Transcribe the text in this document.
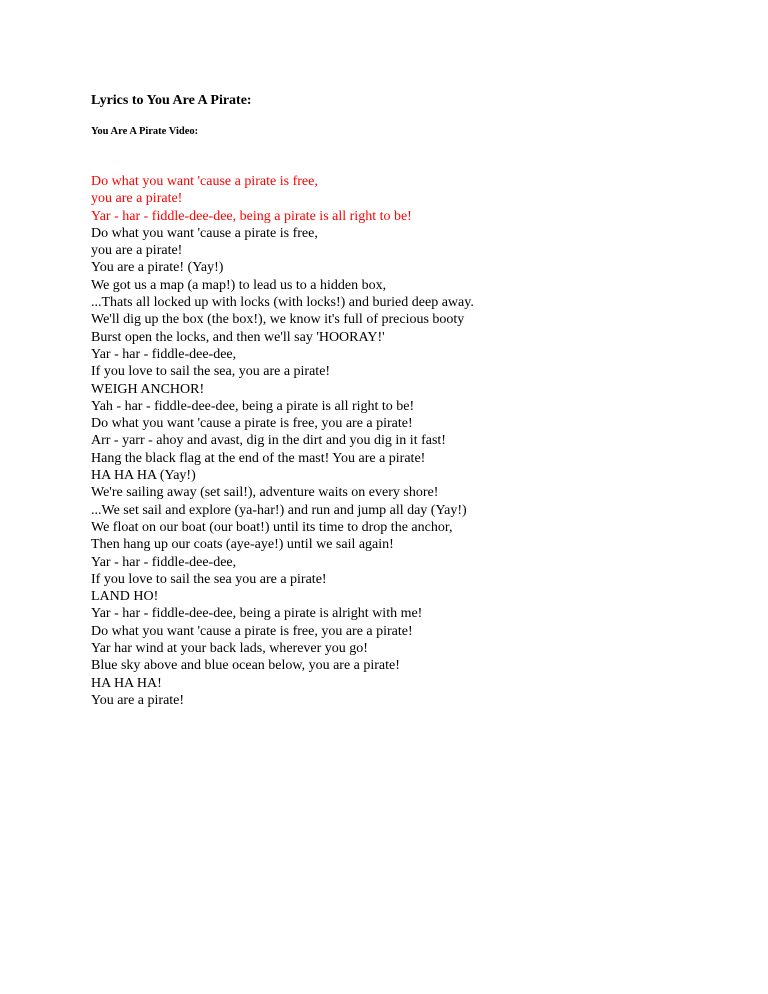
Lyrics to You Are A Pirate:
You Are A Pirate Video:
Do what you want 'cause a pirate is free,
you are a pirate!
Yar - har - fiddle-dee-dee, being a pirate is all right to be!
Do what you want 'cause a pirate is free,
you are a pirate!
You are a pirate! (Yay!)
We got us a map (a map!) to lead us to a hidden box,
...Thats all locked up with locks (with locks!) and buried deep away.
We'll dig up the box (the box!), we know it's full of precious booty
Burst open the locks, and then we'll say 'HOORAY!'
Yar - har - fiddle-dee-dee,
If you love to sail the sea, you are a pirate!
WEIGH ANCHOR!
Yah - har - fiddle-dee-dee, being a pirate is all right to be!
Do what you want 'cause a pirate is free, you are a pirate!
Arr - yarr - ahoy and avast, dig in the dirt and you dig in it fast!
Hang the black flag at the end of the mast! You are a pirate!
HA HA HA (Yay!)
We're sailing away (set sail!), adventure waits on every shore!
...We set sail and explore (ya-har!) and run and jump all day (Yay!)
We float on our boat (our boat!) until its time to drop the anchor,
Then hang up our coats (aye-aye!) until we sail again!
Yar - har - fiddle-dee-dee,
If you love to sail the sea you are a pirate!
LAND HO!
Yar - har - fiddle-dee-dee, being a pirate is alright with me!
Do what you want 'cause a pirate is free, you are a pirate!
Yar har wind at your back lads, wherever you go!
Blue sky above and blue ocean below, you are a pirate!
HA HA HA!
You are a pirate!
